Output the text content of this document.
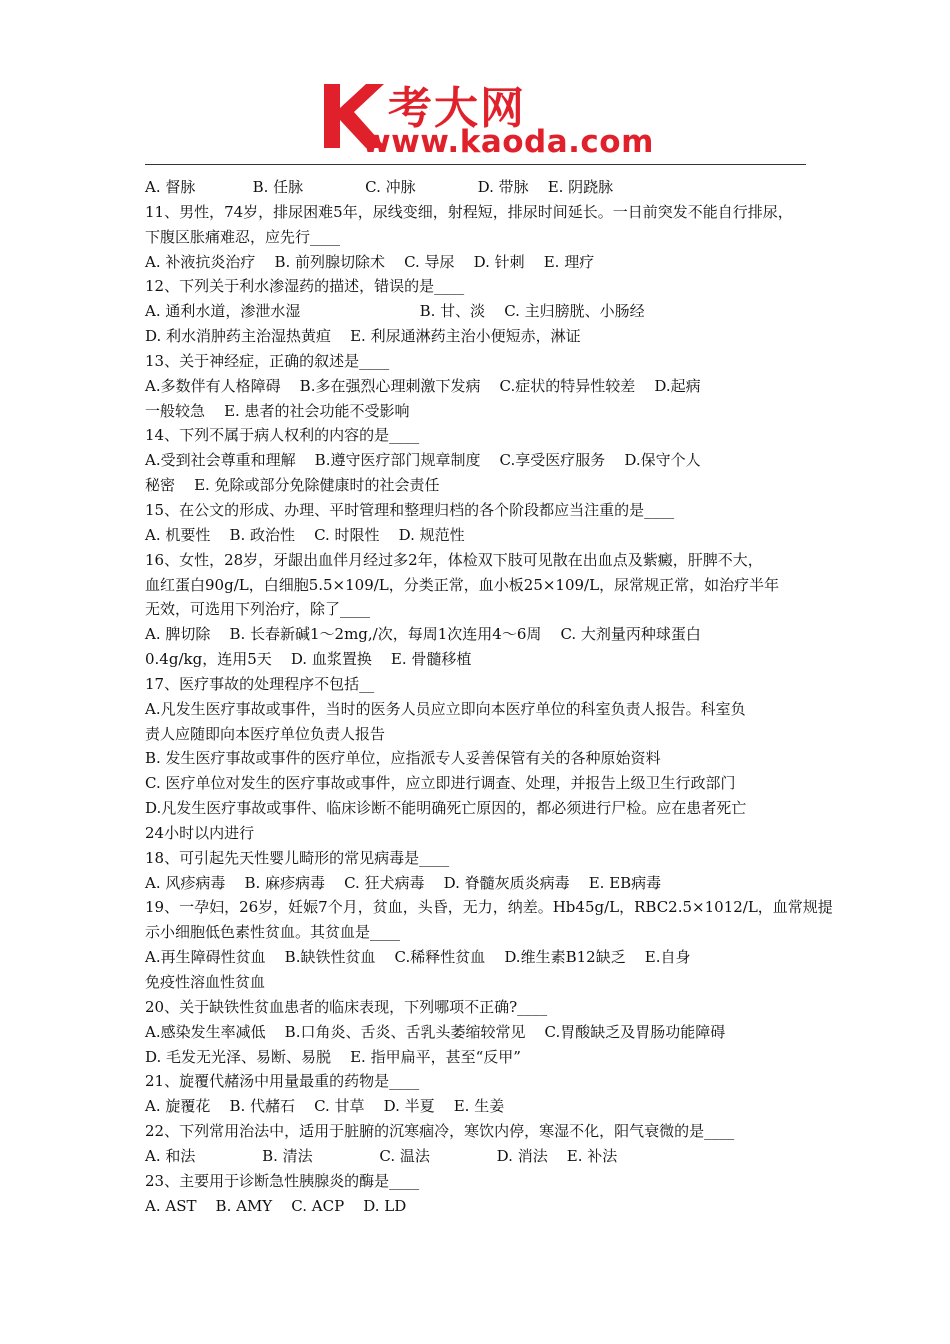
考大网
www.kaoda.com
A. 督脉            B. 任脉             C. 冲脉             D. 带脉    E. 阴跷脉
11、男性，74岁，排尿困难5年，尿线变细，射程短，排尿时间延长。一日前突发不能自行排尿，
下腹区胀痛难忍，应先行____
A. 补液抗炎治疗    B. 前列腺切除术    C. 导尿    D. 针刺    E. 理疗
12、下列关于利水渗湿药的描述，错误的是____
A. 通利水道，渗泄水湿                         B. 甘、淡    C. 主归膀胱、小肠经
D. 利水消肿药主治湿热黄疸    E. 利尿通淋药主治小便短赤，淋证
13、关于神经症，正确的叙述是____
A.多数伴有人格障碍    B.多在强烈心理刺激下发病    C.症状的特异性较差    D.起病
一般较急    E. 患者的社会功能不受影响
14、下列不属于病人权利的内容的是____
A.受到社会尊重和理解    B.遵守医疗部门规章制度    C.享受医疗服务    D.保守个人
秘密    E. 免除或部分免除健康时的社会责任
15、在公文的形成、办理、平时管理和整理归档的各个阶段都应当注重的是____
A. 机要性    B. 政治性    C. 时限性    D. 规范性
16、女性，28岁，牙龈出血伴月经过多2年，体检双下肢可见散在出血点及紫癜，肝脾不大，
血红蛋白90g/L，白细胞5.5×109/L，分类正常，血小板25×109/L，尿常规正常，如治疗半年
无效，可选用下列治疗，除了____
A. 脾切除    B. 长春新碱1～2mg,/次，每周1次连用4～6周    C. 大剂量丙种球蛋白
0.4g/kg，连用5天    D. 血浆置换    E. 骨髓移植
17、医疗事故的处理程序不包括__
A.凡发生医疗事故或事件，当时的医务人员应立即向本医疗单位的科室负责人报告。科室负
责人应随即向本医疗单位负责人报告
B. 发生医疗事故或事件的医疗单位，应指派专人妥善保管有关的各种原始资料
C. 医疗单位对发生的医疗事故或事件，应立即进行调查、处理，并报告上级卫生行政部门
D.凡发生医疗事故或事件、临床诊断不能明确死亡原因的，都必须进行尸检。应在患者死亡
24小时以内进行
18、可引起先天性婴儿畸形的常见病毒是____
A. 风疹病毒    B. 麻疹病毒    C. 狂犬病毒    D. 脊髓灰质炎病毒    E. EB病毒
19、一孕妇，26岁，妊娠7个月，贫血，头昏，无力，纳差。Hb45g/L，RBC2.5×1012/L，血常规提
示小细胞低色素性贫血。其贫血是____
A.再生障碍性贫血    B.缺铁性贫血    C.稀释性贫血    D.维生素B12缺乏    E.自身
免疫性溶血性贫血
20、关于缺铁性贫血患者的临床表现，下列哪项不正确?____
A.感染发生率减低    B.口角炎、舌炎、舌乳头萎缩较常见    C.胃酸缺乏及胃肠功能障碍
D. 毛发无光泽、易断、易脱    E. 指甲扁平，甚至“反甲”
21、旋覆代赭汤中用量最重的药物是____
A. 旋覆花    B. 代赭石    C. 甘草    D. 半夏    E. 生姜
22、下列常用治法中，适用于脏腑的沉寒痼冷，寒饮内停，寒湿不化，阳气衰微的是____
A. 和法              B. 清法              C. 温法              D. 消法    E. 补法
23、主要用于诊断急性胰腺炎的酶是____
A. AST    B. AMY    C. ACP    D. LD
